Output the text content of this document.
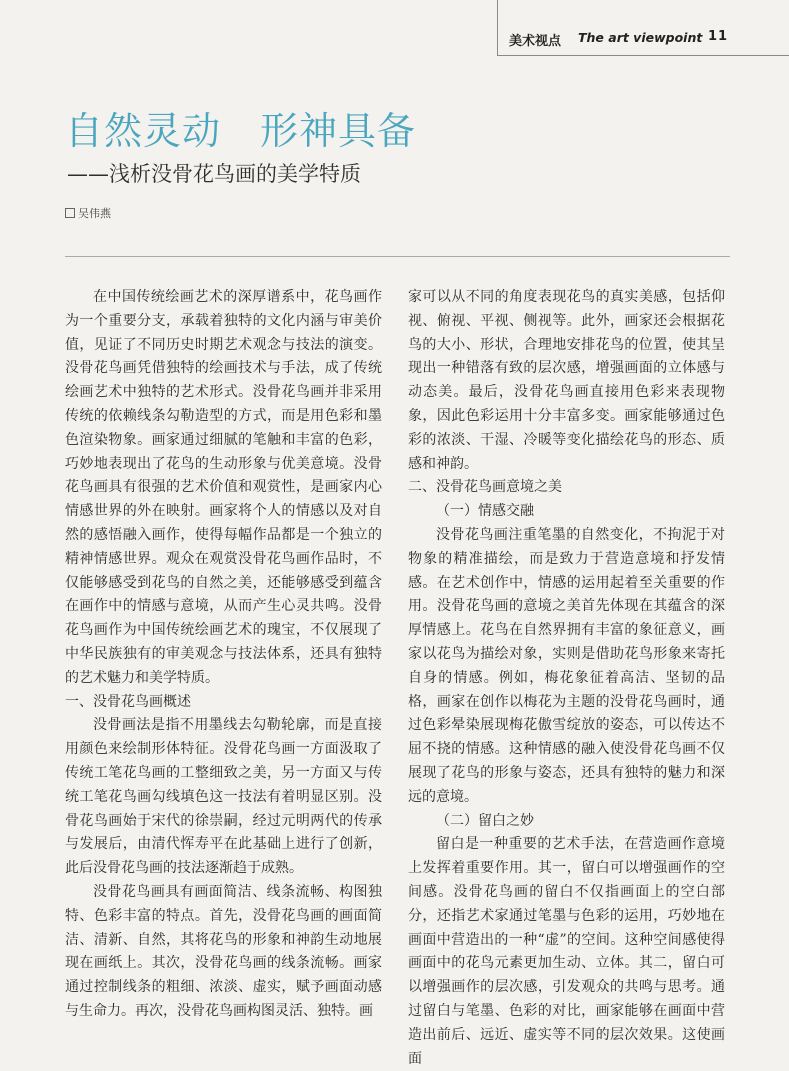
美术视点 The art viewpoint 11
自然灵动　形神具备
——浅析没骨花鸟画的美学特质
吴伟燕

在中国传统绘画艺术的深厚谱系中，花鸟画作为一个重要分支，承载着独特的文化内涵与审美价值，见证了不同历史时期艺术观念与技法的演变。没骨花鸟画凭借独特的绘画技术与手法，成了传统绘画艺术中独特的艺术形式。没骨花鸟画并非采用传统的依赖线条勾勒造型的方式，而是用色彩和墨色渲染物象。画家通过细腻的笔触和丰富的色彩，巧妙地表现出了花鸟的生动形象与优美意境。没骨花鸟画具有很强的艺术价值和观赏性，是画家内心情感世界的外在映射。画家将个人的情感以及对自然的感悟融入画作，使得每幅作品都是一个独立的精神情感世界。观众在观赏没骨花鸟画作品时，不仅能够感受到花鸟的自然之美，还能够感受到蕴含在画作中的情感与意境，从而产生心灵共鸣。没骨花鸟画作为中国传统绘画艺术的瑰宝，不仅展现了中华民族独有的审美观念与技法体系，还具有独特的艺术魅力和美学特质。

一、没骨花鸟画概述

没骨画法是指不用墨线去勾勒轮廓，而是直接用颜色来绘制形体特征。没骨花鸟画一方面汲取了传统工笔花鸟画的工整细致之美，另一方面又与传统工笔花鸟画勾线填色这一技法有着明显区别。没骨花鸟画始于宋代的徐崇嗣，经过元明两代的传承与发展后，由清代恽寿平在此基础上进行了创新，此后没骨花鸟画的技法逐渐趋于成熟。

没骨花鸟画具有画面简洁、线条流畅、构图独特、色彩丰富的特点。首先，没骨花鸟画的画面简洁、清新、自然，其将花鸟的形象和神韵生动地展现在画纸上。其次，没骨花鸟画的线条流畅。画家通过控制线条的粗细、浓淡、虚实，赋予画面动感与生命力。再次，没骨花鸟画构图灵活、独特。画

家可以从不同的角度表现花鸟的真实美感，包括仰视、俯视、平视、侧视等。此外，画家还会根据花鸟的大小、形状，合理地安排花鸟的位置，使其呈现出一种错落有致的层次感，增强画面的立体感与动态美。最后，没骨花鸟画直接用色彩来表现物象，因此色彩运用十分丰富多变。画家能够通过色彩的浓淡、干湿、冷暖等变化描绘花鸟的形态、质感和神韵。

二、没骨花鸟画意境之美

（一）情感交融

没骨花鸟画注重笔墨的自然变化，不拘泥于对物象的精准描绘，而是致力于营造意境和抒发情感。在艺术创作中，情感的运用起着至关重要的作用。没骨花鸟画的意境之美首先体现在其蕴含的深厚情感上。花鸟在自然界拥有丰富的象征意义，画家以花鸟为描绘对象，实则是借助花鸟形象来寄托自身的情感。例如，梅花象征着高洁、坚韧的品格，画家在创作以梅花为主题的没骨花鸟画时，通过色彩晕染展现梅花傲雪绽放的姿态，可以传达不屈不挠的情感。这种情感的融入使没骨花鸟画不仅展现了花鸟的形象与姿态，还具有独特的魅力和深远的意境。

（二）留白之妙

留白是一种重要的艺术手法，在营造画作意境上发挥着重要作用。其一，留白可以增强画作的空间感。没骨花鸟画的留白不仅指画面上的空白部分，还指艺术家通过笔墨与色彩的运用，巧妙地在画面中营造出的一种“虚”的空间。这种空间感使得画面中的花鸟元素更加生动、立体。其二，留白可以增强画作的层次感，引发观众的共鸣与思考。通过留白与笔墨、色彩的对比，画家能够在画面中营造出前后、远近、虚实等不同的层次效果。这使画面
